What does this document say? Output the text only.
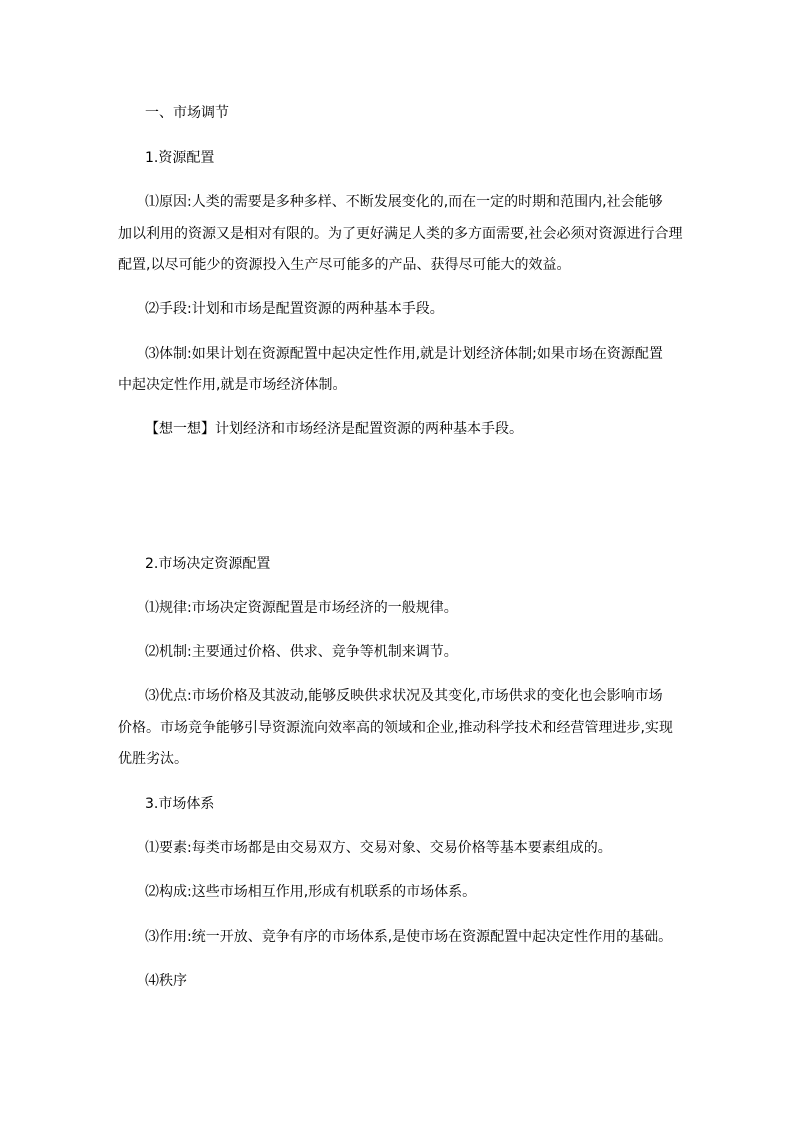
一、市场调节
1.资源配置
⑴原因:人类的需要是多种多样、不断发展变化的,而在一定的时期和范围内,社会能够
加以利用的资源又是相对有限的。为了更好满足人类的多方面需要,社会必须对资源进行合理
配置,以尽可能少的资源投入生产尽可能多的产品、获得尽可能大的效益。
⑵手段:计划和市场是配置资源的两种基本手段。
⑶体制:如果计划在资源配置中起决定性作用,就是计划经济体制;如果市场在资源配置
中起决定性作用,就是市场经济体制。
【想一想】计划经济和市场经济是配置资源的两种基本手段。
2.市场决定资源配置
⑴规律:市场决定资源配置是市场经济的一般规律。
⑵机制:主要通过价格、供求、竞争等机制来调节。
⑶优点:市场价格及其波动,能够反映供求状况及其变化,市场供求的变化也会影响市场
价格。市场竞争能够引导资源流向效率高的领域和企业,推动科学技术和经营管理进步,实现
优胜劣汰。
3.市场体系
⑴要素:每类市场都是由交易双方、交易对象、交易价格等基本要素组成的。
⑵构成:这些市场相互作用,形成有机联系的市场体系。
⑶作用:统一开放、竞争有序的市场体系,是使市场在资源配置中起决定性作用的基础。
⑷秩序
